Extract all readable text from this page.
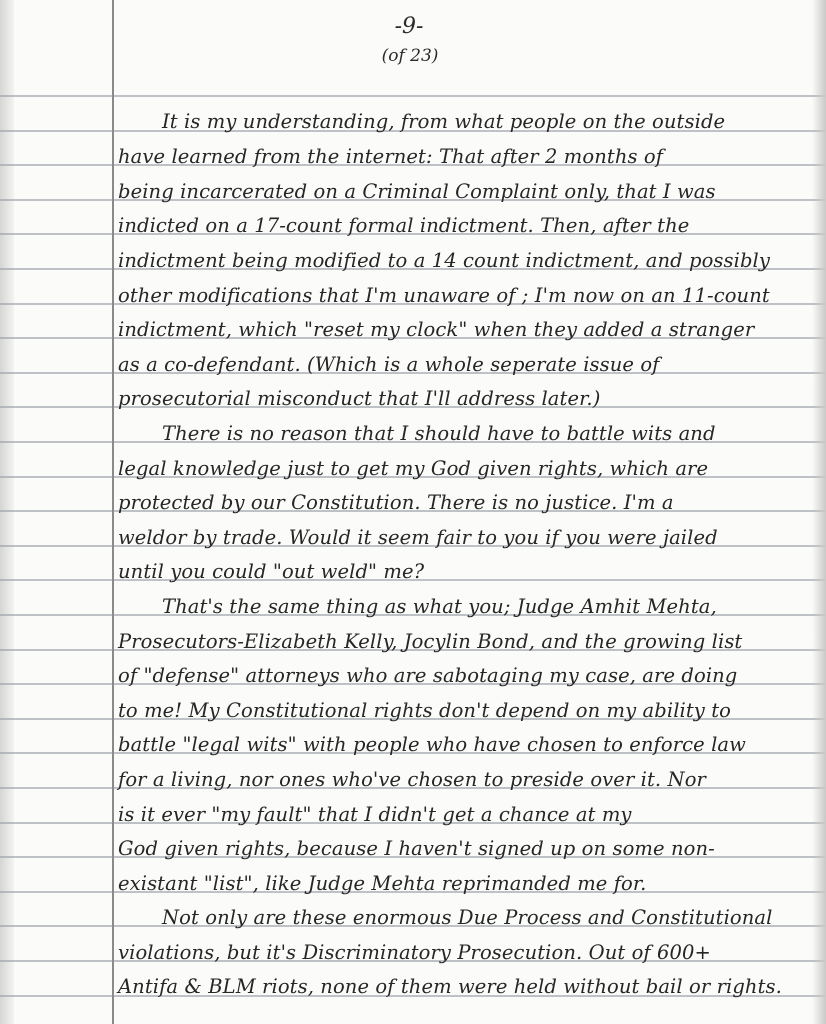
-9-
(of 23)
It is my understanding, from what people on the outside
have learned from the internet: That after 2 months of
being incarcerated on a Criminal Complaint only, that I was
indicted on a 17-count formal indictment. Then, after the
indictment being modified to a 14 count indictment, and possibly
other modifications that I'm unaware of ; I'm now on an 11-count
indictment, which "reset my clock" when they added a stranger
as a co-defendant. (Which is a whole seperate issue of
prosecutorial misconduct that I'll address later.)
There is no reason that I should have to battle wits and
legal knowledge just to get my God given rights, which are
protected by our Constitution. There is no justice. I'm a
weldor by trade. Would it seem fair to you if you were jailed
until you could "out weld" me?
That's the same thing as what you; Judge Amhit Mehta,
Prosecutors-Elizabeth Kelly, Jocylin Bond, and the growing list
of "defense" attorneys who are sabotaging my case, are doing
to me! My Constitutional rights don't depend on my ability to
battle "legal wits" with people who have chosen to enforce law
for a living, nor ones who've chosen to preside over it. Nor
is it ever "my fault" that I didn't get a chance at my
God given rights, because I haven't signed up on some non-
existant "list", like Judge Mehta reprimanded me for.
Not only are these enormous Due Process and Constitutional
violations, but it's Discriminatory Prosecution. Out of 600+
Antifa & BLM riots, none of them were held without bail or rights.
